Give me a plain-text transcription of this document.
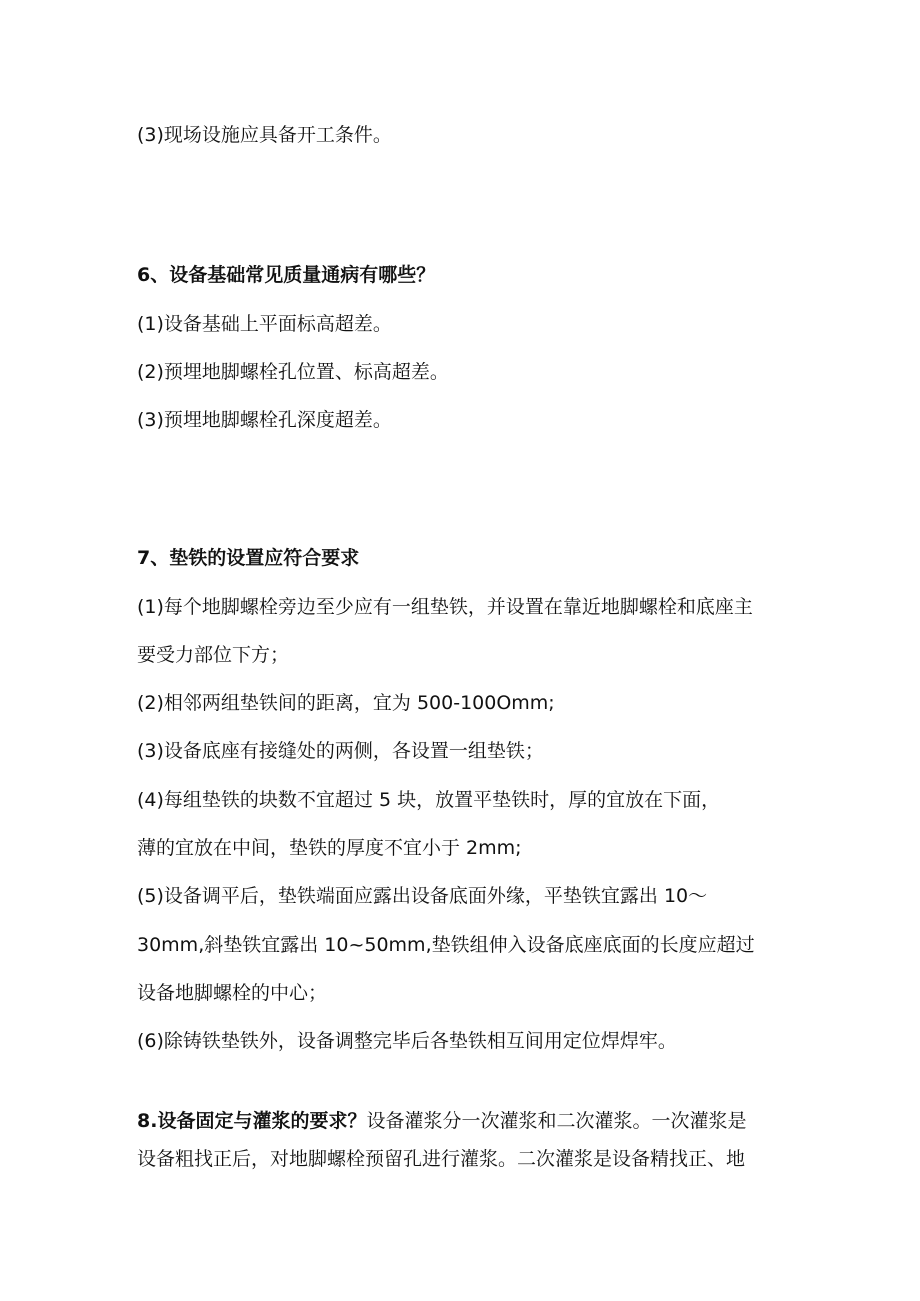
(3)现场设施应具备开工条件。
6、设备基础常见质量通病有哪些？
(1)设备基础上平面标高超差。
(2)预埋地脚螺栓孔位置、标高超差。
(3)预埋地脚螺栓孔深度超差。
7、垫铁的设置应符合要求
(1)每个地脚螺栓旁边至少应有一组垫铁，并设置在靠近地脚螺栓和底座主
要受力部位下方；
(2)相邻两组垫铁间的距离，宜为 500-100Omm;
(3)设备底座有接缝处的两侧，各设置一组垫铁；
(4)每组垫铁的块数不宜超过 5 块，放置平垫铁时，厚的宜放在下面，
薄的宜放在中间，垫铁的厚度不宜小于 2mm;
(5)设备调平后，垫铁端面应露出设备底面外缘，平垫铁宜露出 10〜
30mm,斜垫铁宜露出 10~50mm,垫铁组伸入设备底座底面的长度应超过
设备地脚螺栓的中心；
(6)除铸铁垫铁外，设备调整完毕后各垫铁相互间用定位焊焊牢。
8.设备固定与灌浆的要求？设备灌浆分一次灌浆和二次灌浆。一次灌浆是
设备粗找正后，对地脚螺栓预留孔进行灌浆。二次灌浆是设备精找正、地
